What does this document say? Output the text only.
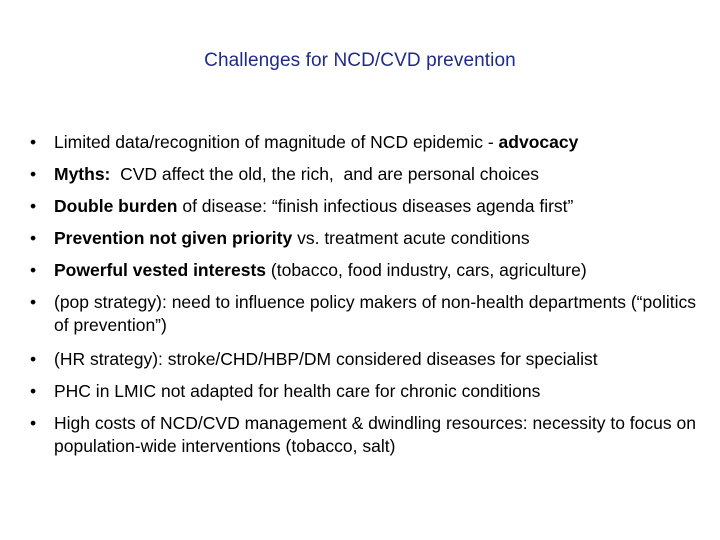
Challenges for NCD/CVD prevention
•	Limited data/recognition of magnitude of NCD epidemic - advocacy
•	Myths:  CVD affect the old, the rich,  and are personal choices
•	Double burden of disease: “finish infectious diseases agenda first”
•	Prevention not given priority vs. treatment acute conditions
•	Powerful vested interests (tobacco, food industry, cars, agriculture)
•	(pop strategy): need to influence policy makers of non-health departments (“politics of prevention”)
•	(HR strategy): stroke/CHD/HBP/DM considered diseases for specialist
•	PHC in LMIC not adapted for health care for chronic conditions
•	High costs of NCD/CVD management & dwindling resources: necessity to focus on population-wide interventions (tobacco, salt)
